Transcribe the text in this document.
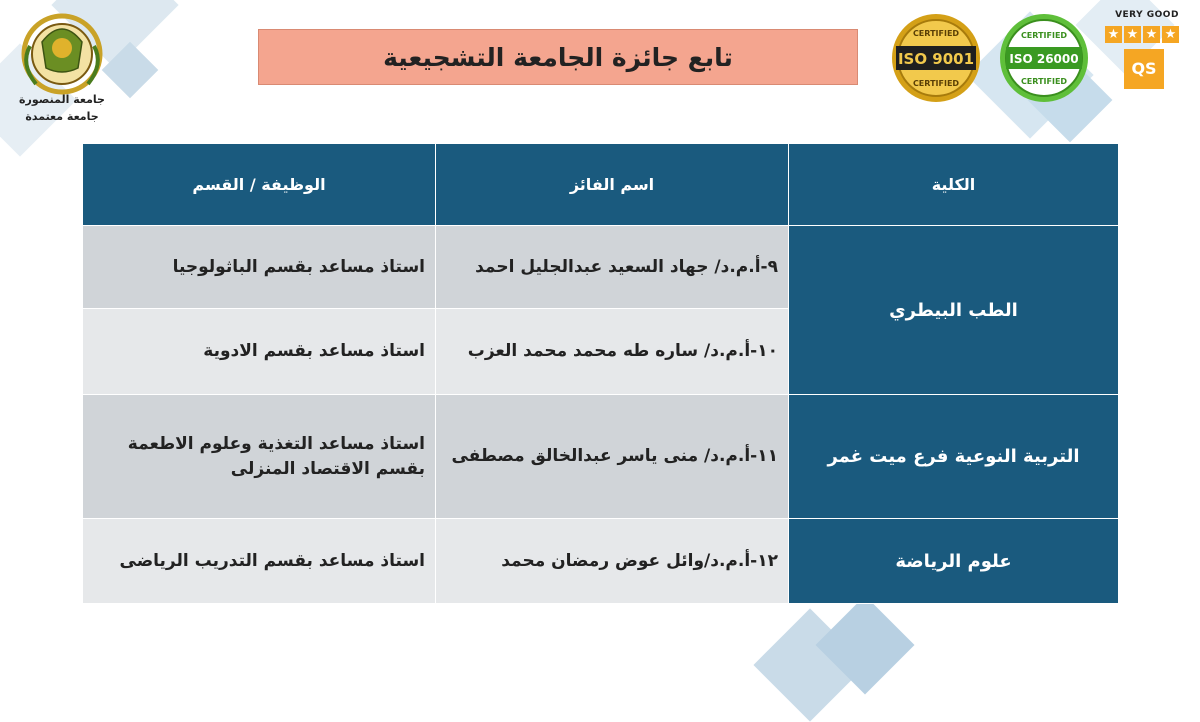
جامعة المنصورة
جامعة معتمدة
تابع جائزة الجامعة التشجيعية	ISO 9001
CERTIFIED
CERTIFIED
ISO 26000
CERTIFIED
CERTIFIED
VERY GOOD
★ ★ ★ ★
QS
الكلية	اسم الفائز	الوظيفة / القسم
الطب البيطري	٩-أ.م.د/ جهاد السعيد عبدالجليل احمد	استاذ مساعد بقسم الباثولوجيا
	١٠-أ.م.د/ ساره طه محمد محمد العزب	استاذ مساعد بقسم الادوية
التربية النوعية فرع ميت غمر	١١-أ.م.د/ منى ياسر عبدالخالق مصطفى	استاذ مساعد التغذية وعلوم الاطعمة
بقسم الاقتصاد المنزلى

علوم الرياضة	١٢-أ.م.د/وائل عوض رمضان محمد	استاذ مساعد بقسم التدريب الرياضى
